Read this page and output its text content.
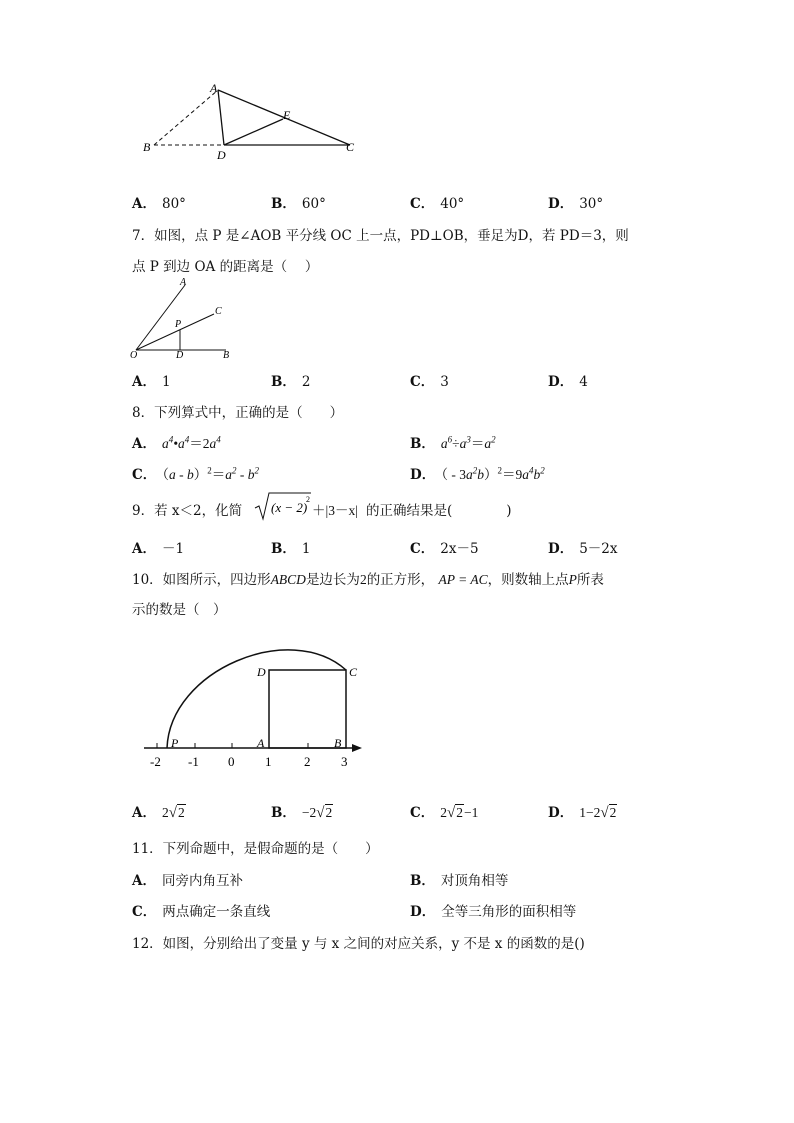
A
B	C
D
E
A． 80°	B． 60°	C． 40°	D． 30°
7．如图，点 P 是∠AOB 平分线 OC 上一点，PD⊥OB，垂足为D，若 PD＝3，则
点 P 到边 OA 的距离是（　 ）
A
C
P
O	D	B
A． 1	B． 2	C． 3	D． 4
8．下列算式中，正确的是（　　）
A． $a^4•a^4=2a^4$	B． $a^6\div a^3=a^2$
C． $(a - b)^2=a^2 - b^2$	D． （ - $3a^2b)^2=9a^4b^2$
9．若 x＜2，化简 (x − 2)
2
＋|3－x| 的正确结果是(　　　　)
A． －1	B． 1	C． 2x－5	D． 5－2x
10．如图所示，四边形ABCD是边长为2的正方形， AP = AC，则数轴上点P所表
示的数是（　）
D	C
P	A	B
-2 -1 0 1	2 3
A． 2√2	B． −2√2	C． 2√2−1	D． 1−2√2
11．下列命题中，是假命题的是（　　）
A． 同旁内角互补	B． 对顶角相等
C． 两点确定一条直线	D． 全等三角形的面积相等
12．如图，分别给出了变量 y 与 x 之间的对应关系，y 不是 x 的函数的是()
